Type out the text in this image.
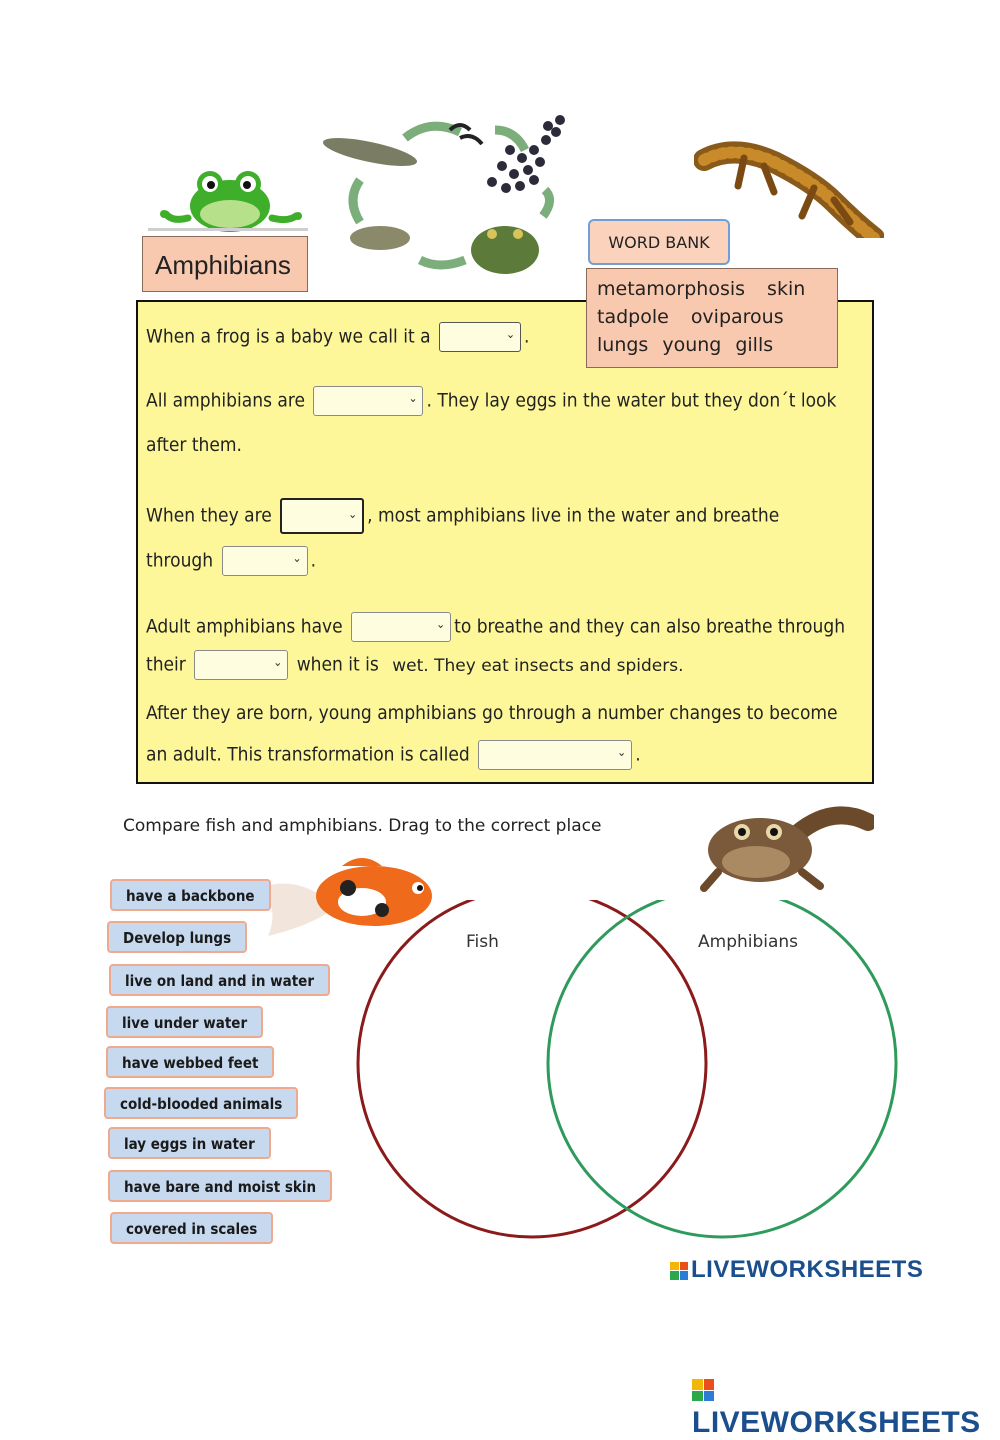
Amphibians
WORD BANK
metamorphosis skin
tadpole oviparous
lungs young gills
When a frog is a baby we call it a	⌄ .
All amphibians are	⌄ . They lay eggs in the water but they don´t look
after them.
When they are	⌄ , most amphibians live in the water and breathe
through	⌄ .
Adult amphibians have	⌄ to breathe and they can also breathe through
their	⌄ when it is wet. They eat insects and spiders.
After they are born, young amphibians go through a number changes to become
an adult. This transformation is called	⌄ .
Compare fish and amphibians. Drag to the correct place
Fish	Amphibians
have a backbone
Develop lungs
live on land and in water
live under water
have webbed feet
cold-blooded animals
lay eggs in water
have bare and moist skin
covered in scales
LIVEWORKSHEETS
LIVEWORKSHEETS
